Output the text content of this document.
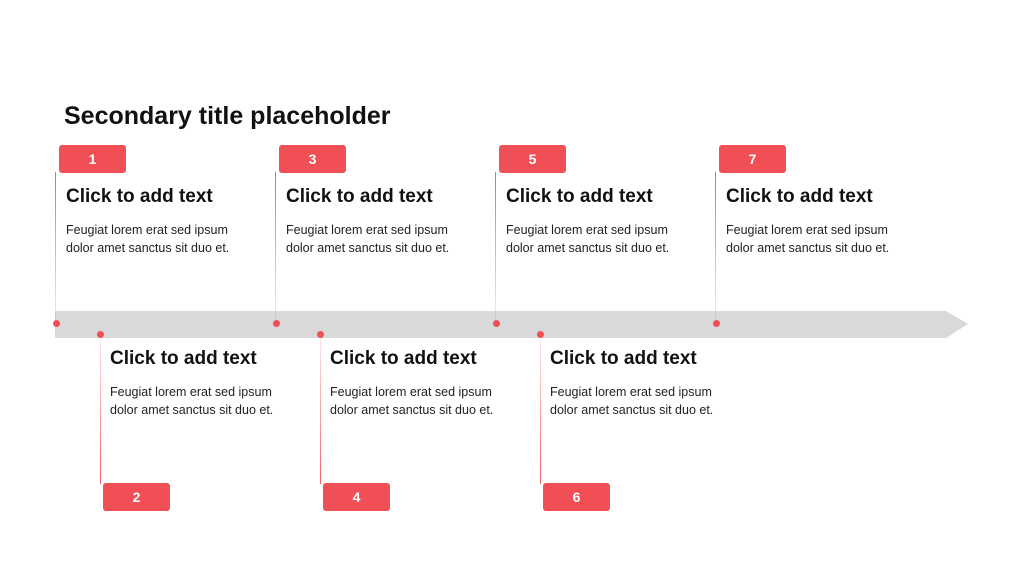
Secondary title placeholder
1
Click to add text
Feugiat lorem erat sed ipsum dolor amet sanctus sit duo et.
Click to add text
Feugiat lorem erat sed ipsum dolor amet sanctus sit duo et.
2
3
Click to add text
Feugiat lorem erat sed ipsum dolor amet sanctus sit duo et.
Click to add text
Feugiat lorem erat sed ipsum dolor amet sanctus sit duo et.
4
5
Click to add text
Feugiat lorem erat sed ipsum dolor amet sanctus sit duo et.
Click to add text
Feugiat lorem erat sed ipsum dolor amet sanctus sit duo et.
6
7
Click to add text
Feugiat lorem erat sed ipsum dolor amet sanctus sit duo et.
